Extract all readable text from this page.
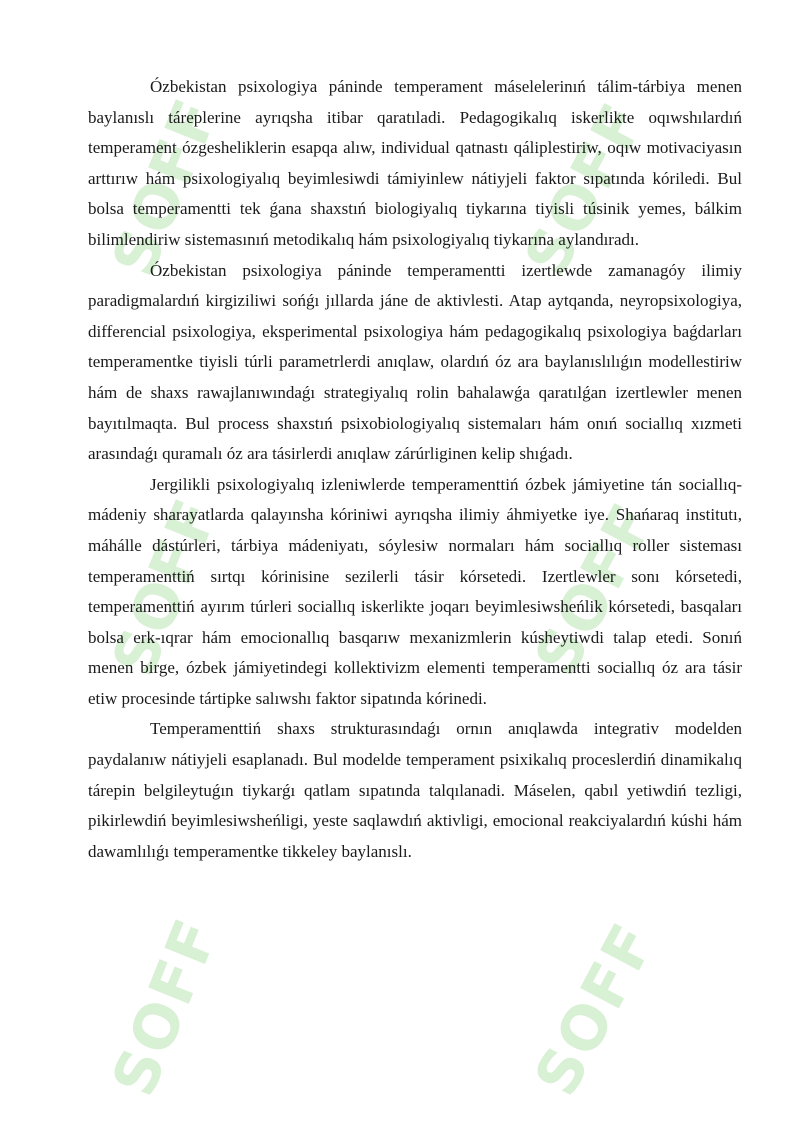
SOFF
SOFF
SOFF	SOFF
SOFF
SOFF

Ózbekistan psixologiya pánindе temperament máselelerinıń tálim-tárbiya menen baylanıslı táreplerine ayrıqsha itibar qaratıladi. Pedagogikalıq iskerlikte oqıwshılardıń temperament ózgesheliklerin esapqa alıw, individual qatnastı qáliplestiriw, oqıw motivaciyasın arttırıw hám psixologiyalıq beyimlesiwdi támiyinlew nátiyjeli faktor sıpatında kóriledi. Bul bolsa temperamentti tek ǵana shaxstıń biologiyalıq tiykarına tiyisli túsinik yemes, bálkim bilimlendiriw sistemasınıń metodikalıq hám psixologiyalıq tiykarına aylandıradı.

Ózbekistan psixologiya pánindе temperamentti izertlewde zamanagóy ilimiy paradigmalardıń kirgiziliwi sońǵı jıllarda jáne de aktivlesti. Atap aytqanda, neyropsixologiya, differencial psixologiya, eksperimental psixologiya hám pedagogikalıq psixologiya baǵdarları temperamentke tiyisli túrli parametrlerdi anıqlaw, olardıń óz ara baylanıslılıǵın modellestiriw hám de shaxs rawajlanıwındaǵı strategiyalıq rolin bahalawǵa qaratılǵan izertlewler menen bayıtılmaqta. Bul process shaxstıń psixobiologiyalıq sistemaları hám onıń sociallıq xızmeti arasındaǵı quramalı óz ara tásirlerdi anıqlaw zárúrliginen kelip shıǵadı.

Jergilikli psixologiyalıq izleniwlerde temperamenttiń ózbek jámiyetine tán sociallıq-mádeniy sharayatlarda qalayınsha kóriniwi ayrıqsha ilimiy áhmiyetke iye. Shańaraq institutı, máhálle dástúrleri, tárbiya mádeniyatı, sóylesiw normaları hám sociallıq roller sisteması temperamenttiń sırtqı kórinisine sezilerli tásir kórsetedi. Izertlewler sonı kórsetedi, temperamenttiń ayırım túrleri sociallıq iskerlikte joqarı beyimlesiwsheńlik kórsetedi, basqaları bolsa erk-ıqrar hám emocionallıq basqarıw mexanizmlerin kúsheytiwdi talap etedi. Sonıń menen birge, ózbek jámiyetindegi kollektivizm elementi temperamentti sociallıq óz ara tásir etiw procesinde tártipke salıwshı faktor sipatında kórinedi.

Temperamenttiń shaxs strukturasındaǵı ornın anıqlawda integrativ modelden paydalanıw nátiyjeli esaplanadı. Bul modelde temperament psixikalıq proceslerdiń dinamikalıq tárepin belgileytuǵın tiykarǵı qatlam sıpatında talqılanadi. Máselen, qabıl yetiwdiń tezligi, pikirlewdiń beyimlesiwsheńligi, yeste saqlawdıń aktivligi, emocional reakciyalardıń kúshi hám dawamlılıǵı temperamentke tikkeley baylanıslı.
